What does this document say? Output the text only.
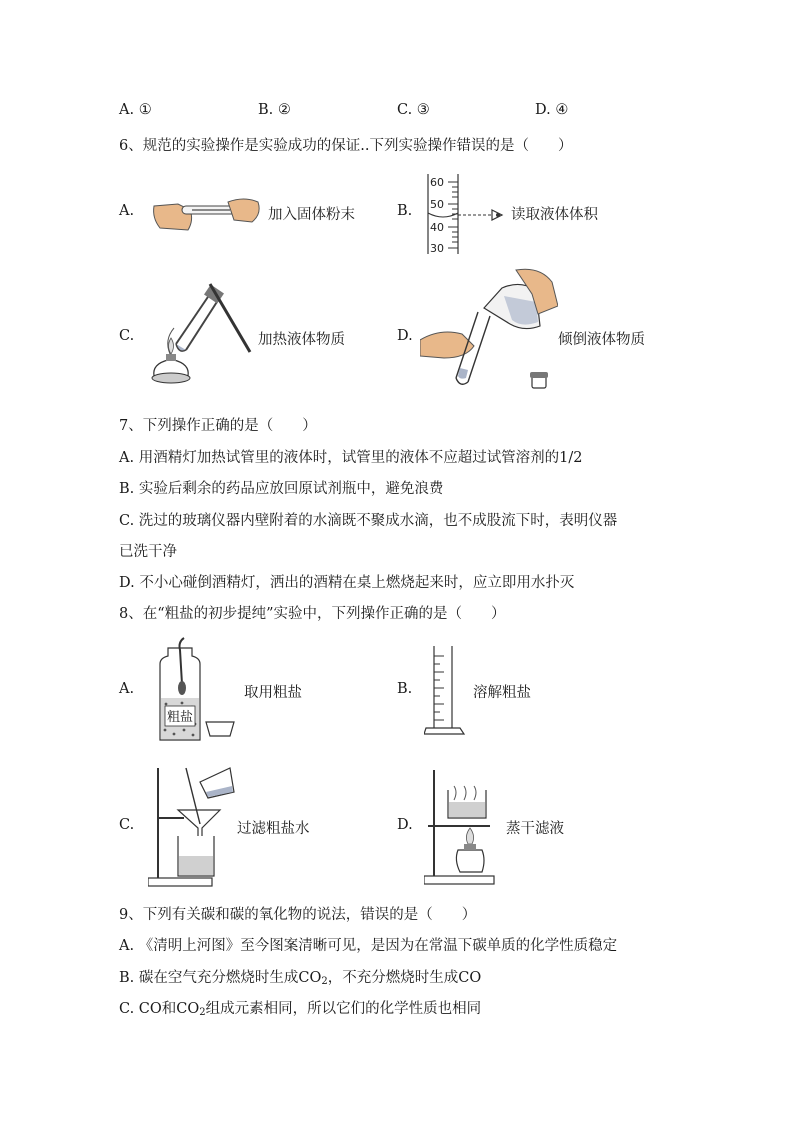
A. ①	B. ②	C. ③	D. ④
6、规范的实验操作是实验成功的保证..下列实验操作错误的是（　　）
A.	加入固体粉末	B.
60
50
40
30
读取液体体积
C.	加热液体物质	D.	倾倒液体物质
7、下列操作正确的是（　　）
A. 用酒精灯加热试管里的液体时，试管里的液体不应超过试管溶剂的1/2
B. 实验后剩余的药品应放回原试剂瓶中，避免浪费
C. 洗过的玻璃仪器内壁附着的水滴既不聚成水滴，也不成股流下时，表明仪器
已洗干净
D. 不小心碰倒酒精灯，洒出的酒精在桌上燃烧起来时，应立即用水扑灭
8、在“粗盐的初步提纯”实验中，下列操作正确的是（　　）
A.
粗盐
取用粗盐	B.	溶解粗盐
C.	过滤粗盐水	D.	蒸干滤液
9、下列有关碳和碳的氧化物的说法，错误的是（　　）
A. 《清明上河图》至今图案清晰可见，是因为在常温下碳单质的化学性质稳定
B. 碳在空气充分燃烧时生成$CO_2$，不充分燃烧时生成CO
C. CO和$CO_2$组成元素相同，所以它们的化学性质也相同
